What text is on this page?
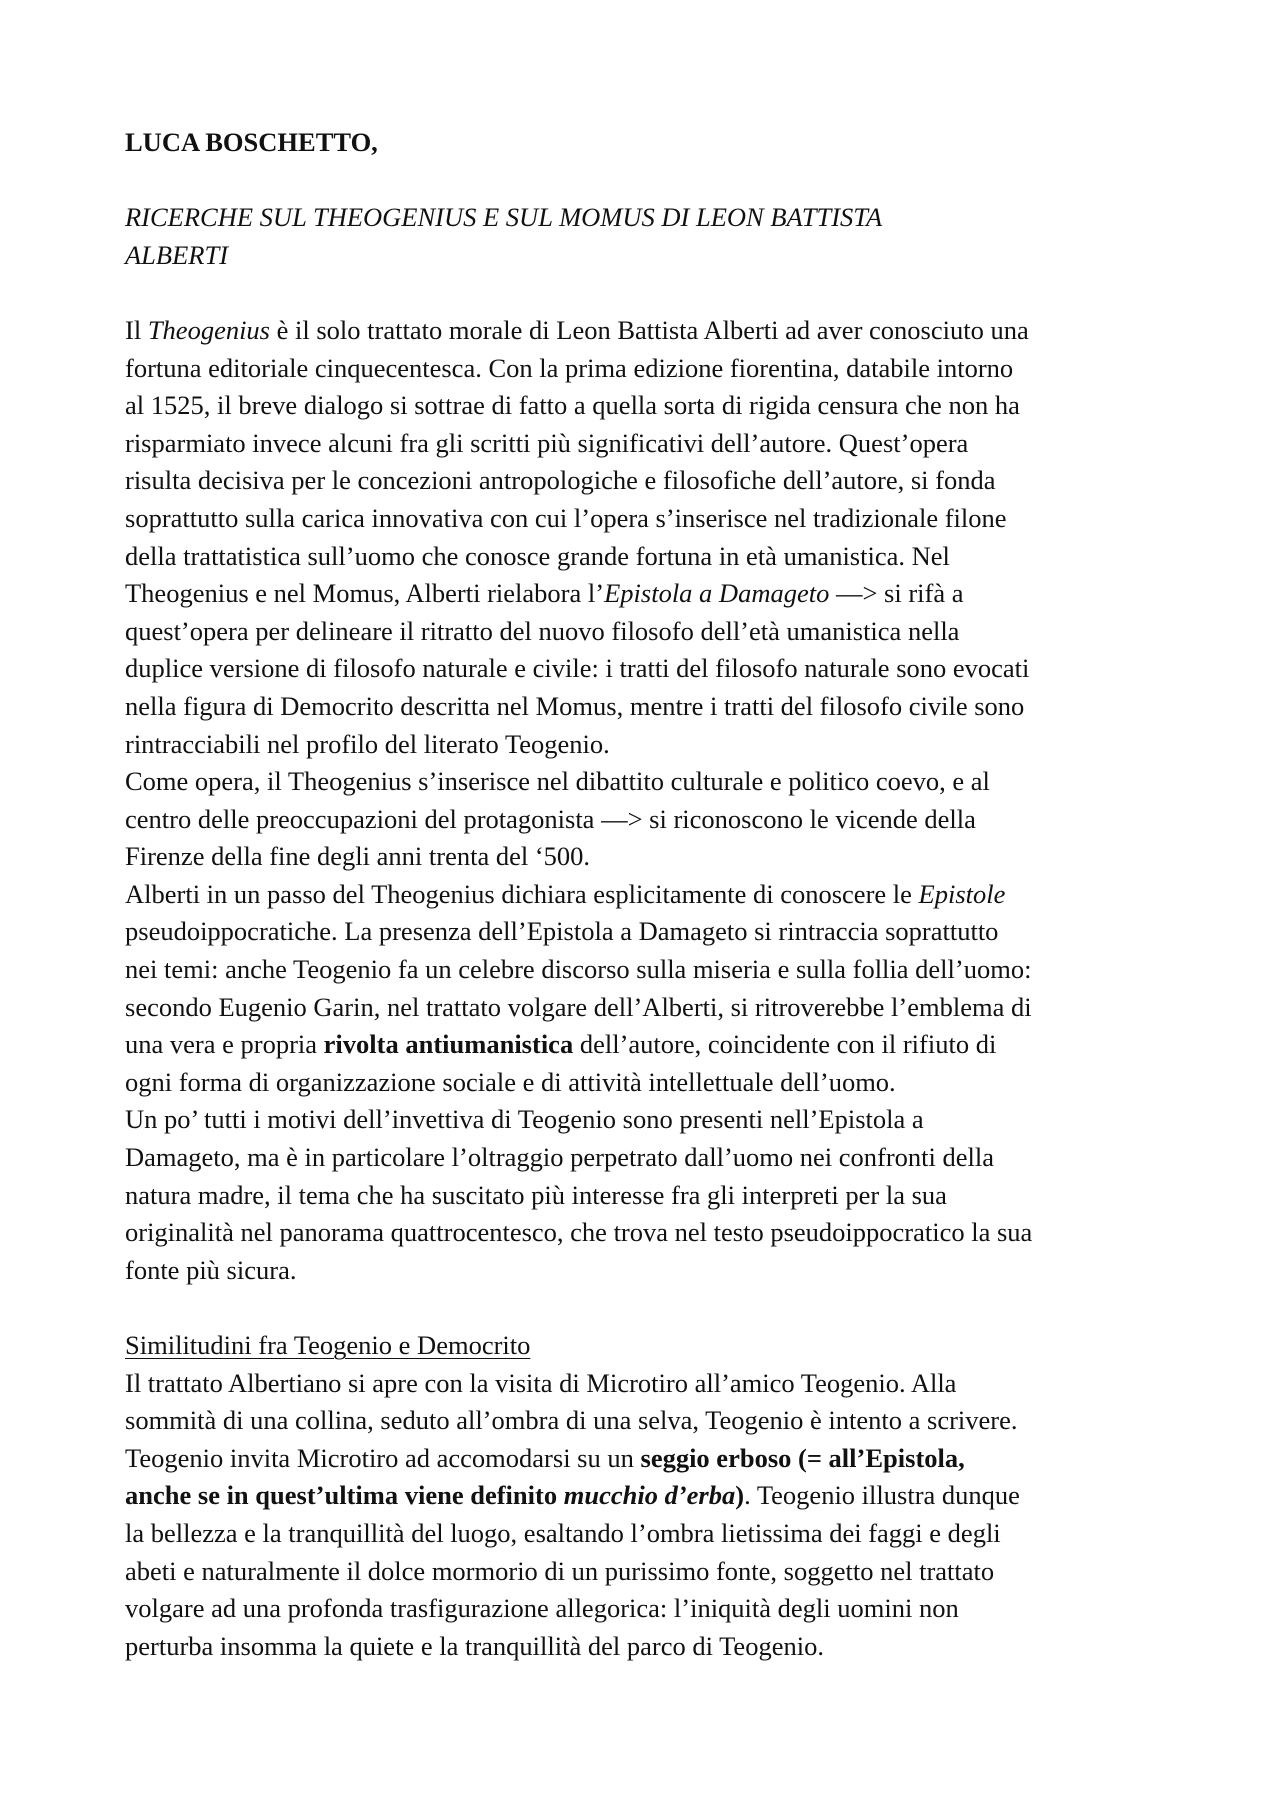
LUCA BOSCHETTO,

RICERCHE SUL THEOGENIUS E SUL MOMUS DI LEON BATTISTA

ALBERTI

Il Theogenius è il solo trattato morale di Leon Battista Alberti ad aver conosciuto una

fortuna editoriale cinquecentesca. Con la prima edizione fiorentina, databile intorno

al 1525, il breve dialogo si sottrae di fatto a quella sorta di rigida censura che non ha

risparmiato invece alcuni fra gli scritti più significativi dell’autore. Quest’opera

risulta decisiva per le concezioni antropologiche e filosofiche dell’autore, si fonda

soprattutto sulla carica innovativa con cui l’opera s’inserisce nel tradizionale filone

della trattatistica sull’uomo che conosce grande fortuna in età umanistica. Nel

Theogenius e nel Momus, Alberti rielabora l’Epistola a Damageto —> si rifà a

quest’opera per delineare il ritratto del nuovo filosofo dell’età umanistica nella

duplice versione di filosofo naturale e civile: i tratti del filosofo naturale sono evocati

nella figura di Democrito descritta nel Momus, mentre i tratti del filosofo civile sono

rintracciabili nel profilo del literato Teogenio.

Come opera, il Theogenius s’inserisce nel dibattito culturale e politico coevo, e al

centro delle preoccupazioni del protagonista —> si riconoscono le vicende della

Firenze della fine degli anni trenta del ‘500.

Alberti in un passo del Theogenius dichiara esplicitamente di conoscere le Epistole

pseudoippocratiche. La presenza dell’Epistola a Damageto si rintraccia soprattutto

nei temi: anche Teogenio fa un celebre discorso sulla miseria e sulla follia dell’uomo:

secondo Eugenio Garin, nel trattato volgare dell’Alberti, si ritroverebbe l’emblema di

una vera e propria rivolta antiumanistica dell’autore, coincidente con il rifiuto di

ogni forma di organizzazione sociale e di attività intellettuale dell’uomo.

Un po’ tutti i motivi dell’invettiva di Teogenio sono presenti nell’Epistola a

Damageto, ma è in particolare l’oltraggio perpetrato dall’uomo nei confronti della

natura madre, il tema che ha suscitato più interesse fra gli interpreti per la sua

originalità nel panorama quattrocentesco, che trova nel testo pseudoippocratico la sua

fonte più sicura.

Similitudini fra Teogenio e Democrito

Il trattato Albertiano si apre con la visita di Microtiro all’amico Teogenio. Alla

sommità di una collina, seduto all’ombra di una selva, Teogenio è intento a scrivere.

Teogenio invita Microtiro ad accomodarsi su un seggio erboso (= all’Epistola,

anche se in quest’ultima viene definito mucchio d’erba). Teogenio illustra dunque

la bellezza e la tranquillità del luogo, esaltando l’ombra lietissima dei faggi e degli

abeti e naturalmente il dolce mormorio di un purissimo fonte, soggetto nel trattato

volgare ad una profonda trasfigurazione allegorica: l’iniquità degli uomini non

perturba insomma la quiete e la tranquillità del parco di Teogenio.
